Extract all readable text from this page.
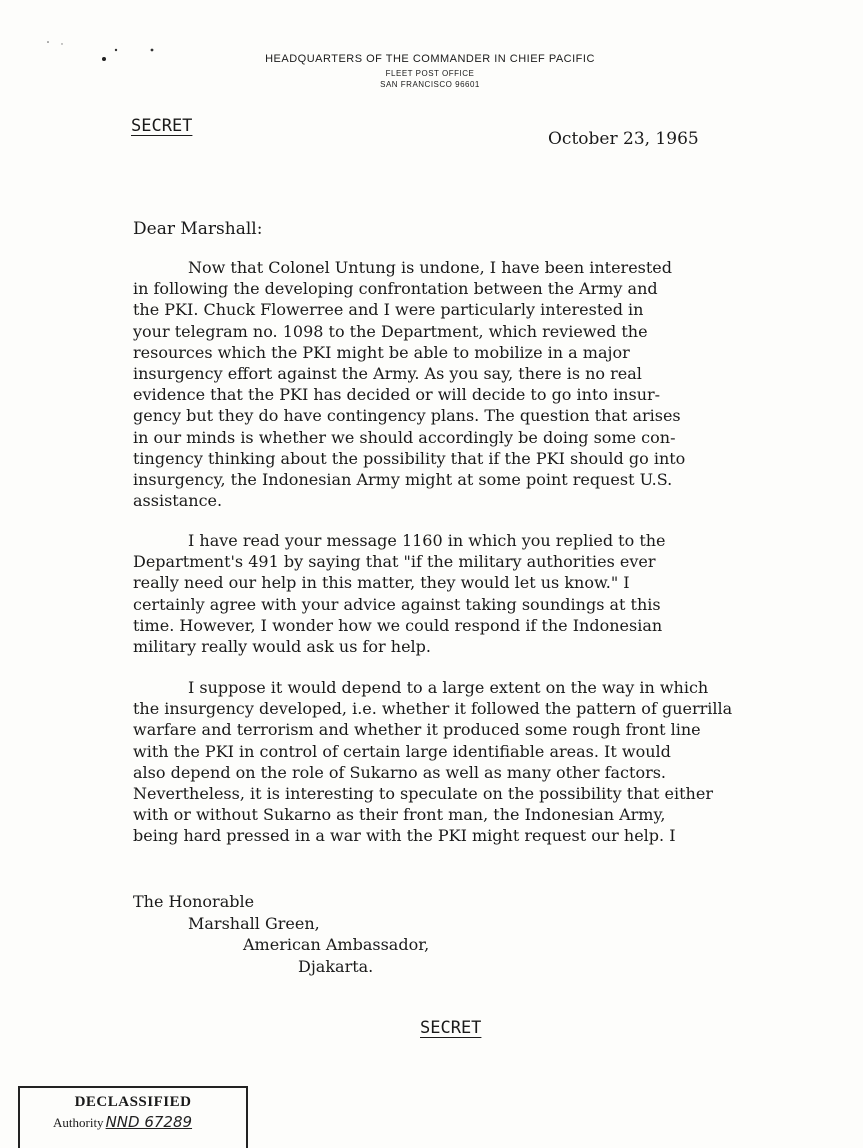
HEADQUARTERS OF THE COMMANDER IN CHIEF PACIFIC
FLEET POST OFFICE
SAN FRANCISCO 96601
SECRET
October 23, 1965
Dear Marshall:
Now that Colonel Untung is undone, I have been interested
in following the developing confrontation between the Army and
the PKI. Chuck Flowerree and I were particularly interested in
your telegram no. 1098 to the Department, which reviewed the
resources which the PKI might be able to mobilize in a major
insurgency effort against the Army. As you say, there is no real
evidence that the PKI has decided or will decide to go into insur-
gency but they do have contingency plans. The question that arises
in our minds is whether we should accordingly be doing some con-
tingency thinking about the possibility that if the PKI should go into
insurgency, the Indonesian Army might at some point request U.S.
assistance.
I have read your message 1160 in which you replied to the
Department's 491 by saying that "if the military authorities ever
really need our help in this matter, they would let us know." I
certainly agree with your advice against taking soundings at this
time. However, I wonder how we could respond if the Indonesian
military really would ask us for help.
I suppose it would depend to a large extent on the way in which
the insurgency developed, i.e. whether it followed the pattern of guerrilla
warfare and terrorism and whether it produced some rough front line
with the PKI in control of certain large identifiable areas. It would
also depend on the role of Sukarno as well as many other factors.
Nevertheless, it is interesting to speculate on the possibility that either
with or without Sukarno as their front man, the Indonesian Army,
being hard pressed in a war with the PKI might request our help. I
The Honorable
Marshall Green,
American Ambassador,
Djakarta.
SECRET
DECLASSIFIED
Authority NND 67289
